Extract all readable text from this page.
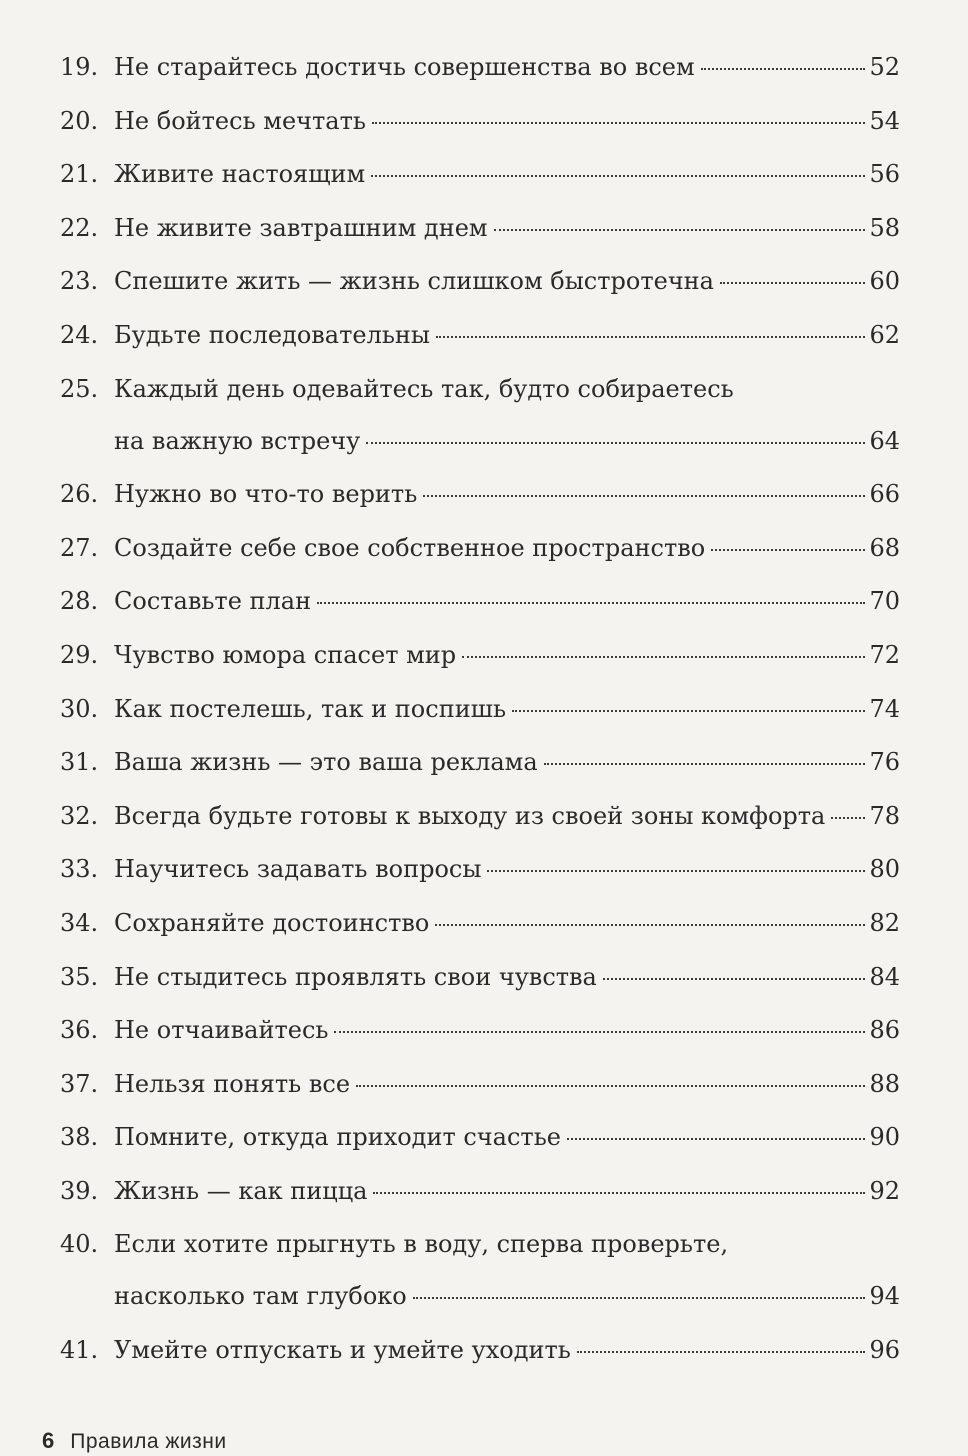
19. Не старайтесь достичь совершенства во всем	52
20. Не бойтесь мечтать	54
21. Живите настоящим	56
22. Не живите завтрашним днем	58
23. Спешите жить — жизнь слишком быстротечна	60
24. Будьте последовательны	62
25. Каждый день одевайтесь так, будто собираетесь
на важную встречу	64
26. Нужно во что-то верить	66
27. Создайте себе свое собственное пространство	68
28. Составьте план	70
29. Чувство юмора спасет мир	72
30. Как постелешь, так и поспишь	74
31. Ваша жизнь — это ваша реклама	76
32. Всегда будьте готовы к выходу из своей зоны комфорта 78
33. Научитесь задавать вопросы	80
34. Сохраняйте достоинство	82
35. Не стыдитесь проявлять свои чувства	84
36. Не отчаивайтесь	86
37. Нельзя понять все	88
38. Помните, откуда приходит счастье	90
39. Жизнь — как пицца	92
40. Если хотите прыгнуть в воду, сперва проверьте,
насколько там глубоко	94
41. Умейте отпускать и умейте уходить	96
6 Правила жизни
